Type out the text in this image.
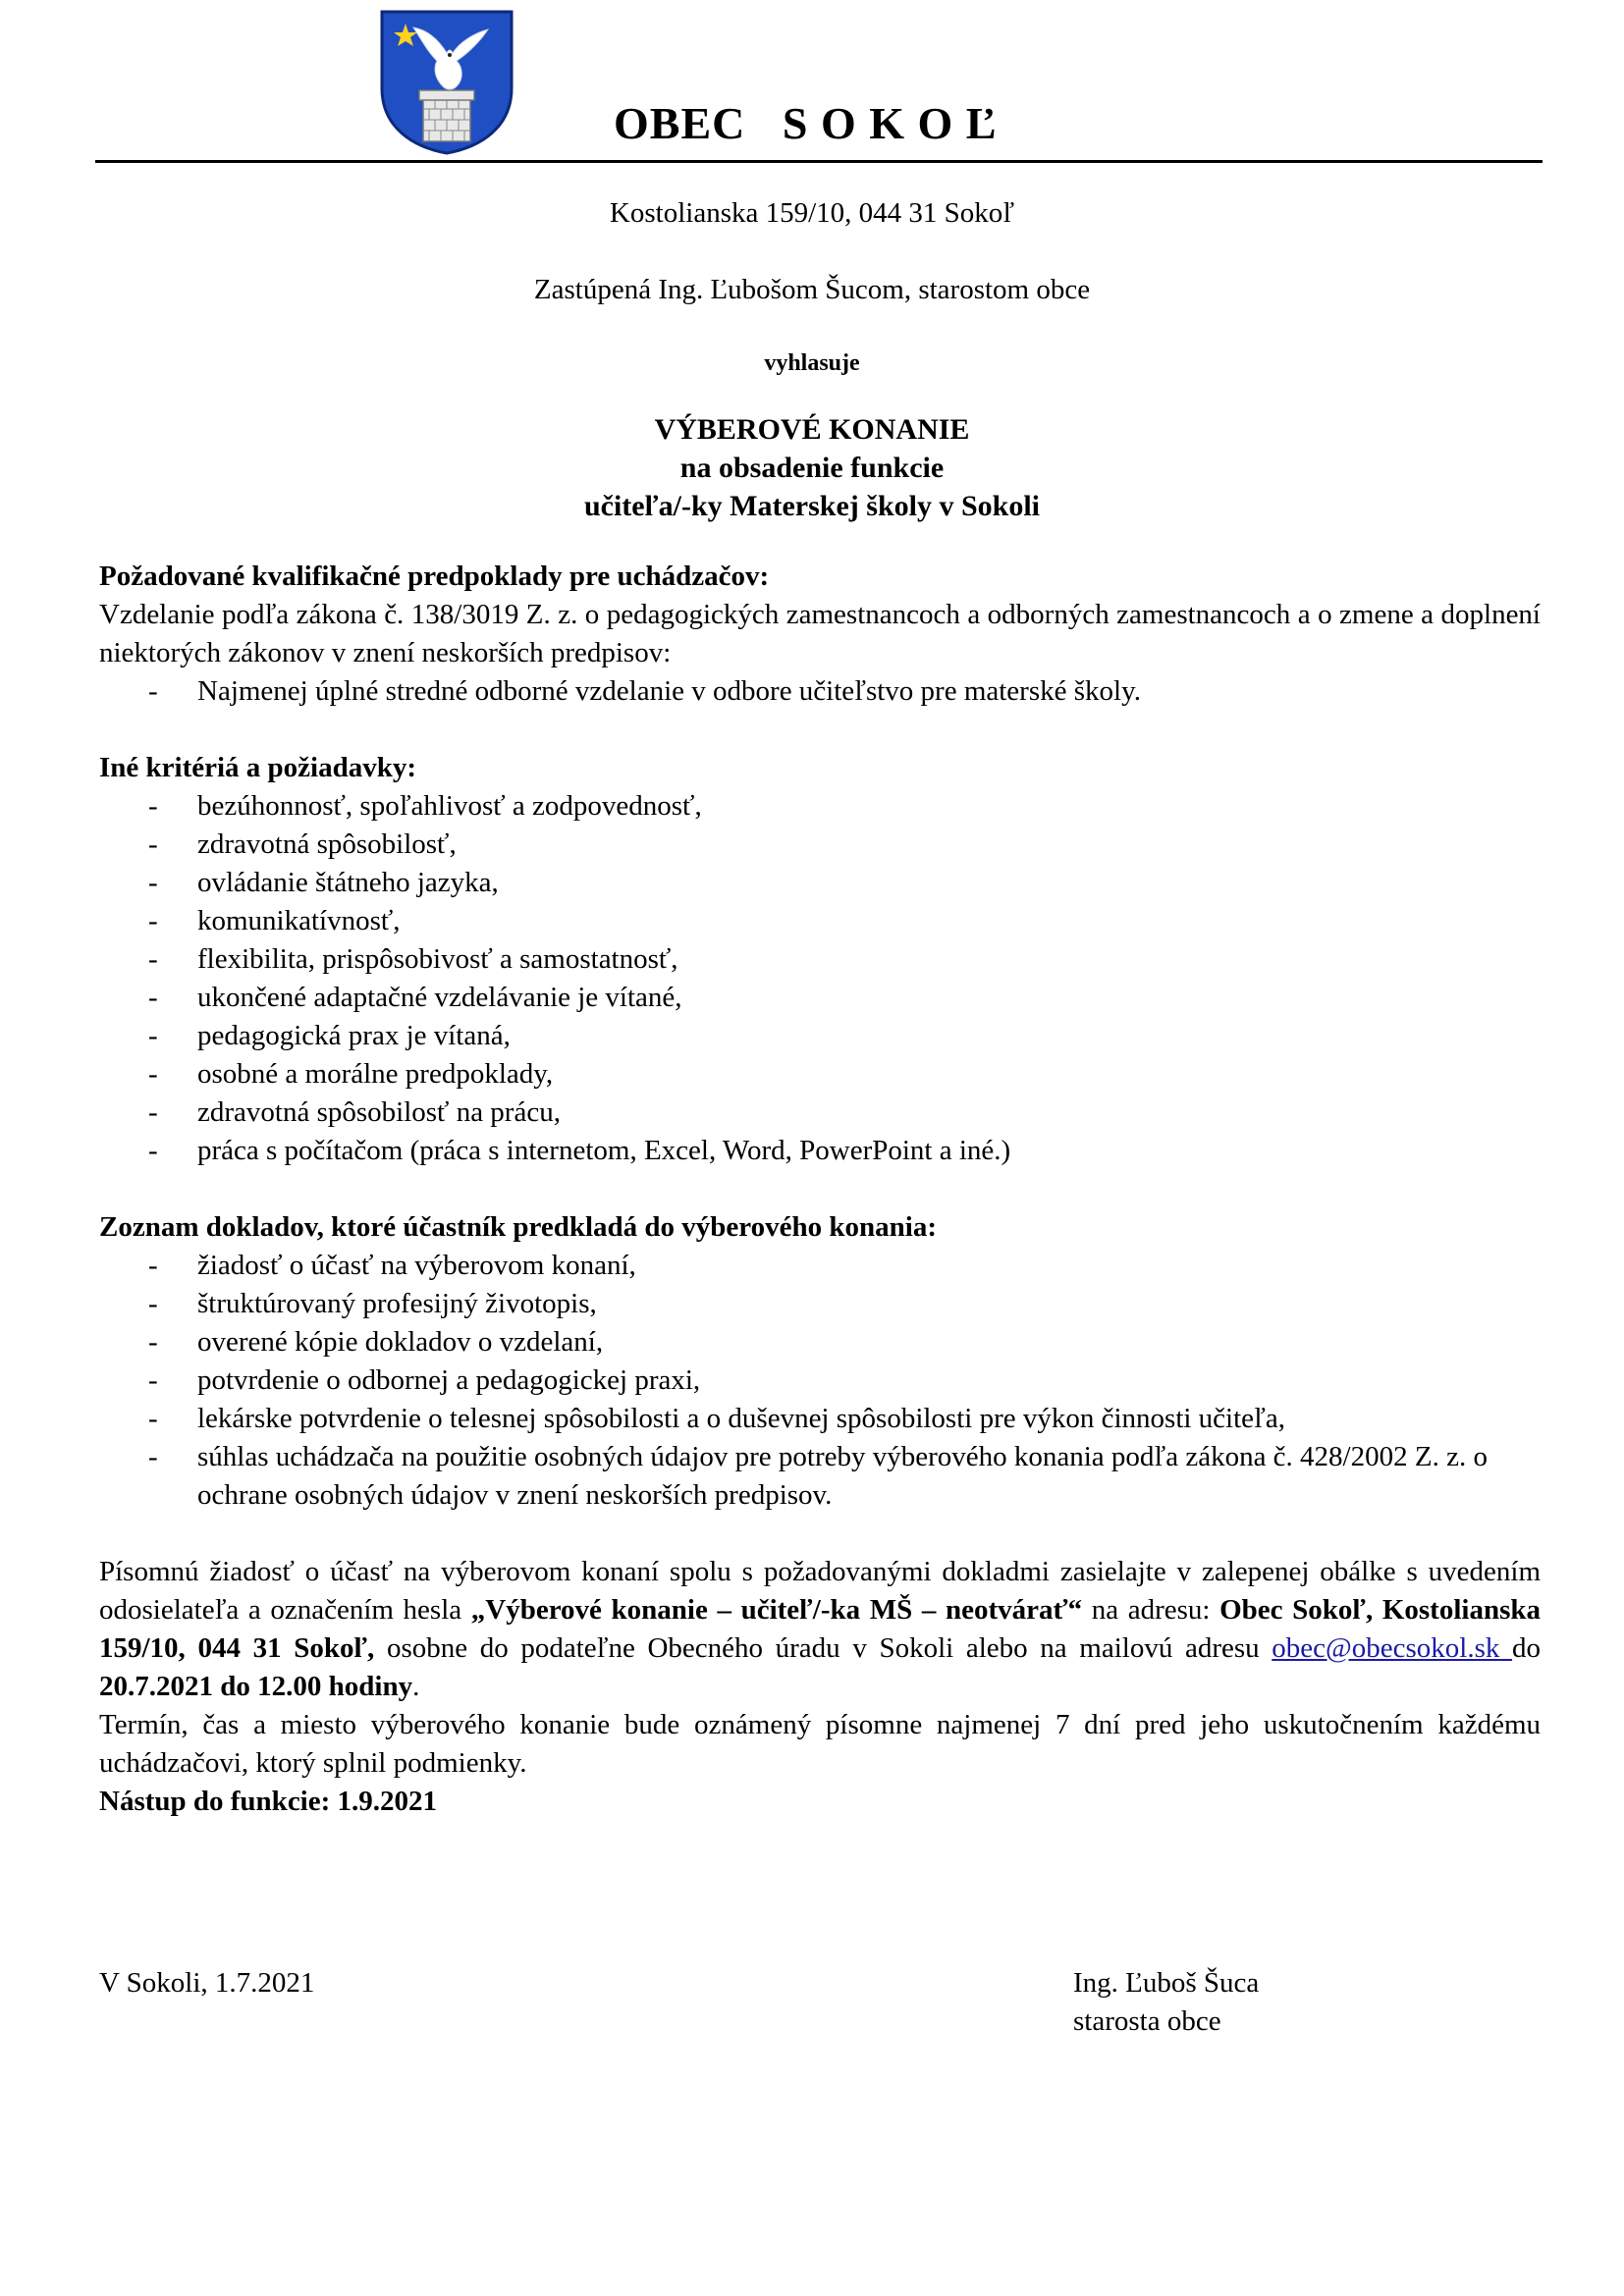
OBEC   S O K O Ľ

Kostolianska 159/10, 044 31 Sokoľ

Zastúpená Ing. Ľubošom Šucom, starostom obce

vyhlasuje

VÝBEROVÉ KONANIE
na obsadenie funkcie
učiteľa/-ky Materskej školy v Sokoli

Požadované kvalifikačné predpoklady pre uchádzačov:

Vzdelanie podľa zákona č. 138/3019 Z. z. o pedagogických zamestnancoch a odborných zamestnancoch a o zmene a doplnení niektorých zákonov v znení neskorších predpisov:

- Najmenej úplné stredné odborné vzdelanie v odbore učiteľstvo pre materské školy.

Iné kritériá a požiadavky:

- bezúhonnosť, spoľahlivosť a zodpovednosť,
- zdravotná spôsobilosť,
- ovládanie štátneho jazyka,
- komunikatívnosť,
- flexibilita, prispôsobivosť a samostatnosť,
- ukončené adaptačné vzdelávanie je vítané,
- pedagogická prax je vítaná,
- osobné a morálne predpoklady,
- zdravotná spôsobilosť na prácu,
- práca s počítačom (práca s internetom, Excel, Word, PowerPoint a iné.)

Zoznam dokladov, ktoré účastník predkladá do výberového konania:

- žiadosť o účasť na výberovom konaní,
- štruktúrovaný profesijný životopis,
- overené kópie dokladov o vzdelaní,
- potvrdenie o odbornej a pedagogickej praxi,
- lekárske potvrdenie o telesnej spôsobilosti a o duševnej spôsobilosti pre výkon činnosti učiteľa,
- súhlas uchádzača na použitie osobných údajov pre potreby výberového konania podľa zákona č. 428/2002 Z. z. o ochrane osobných údajov v znení neskorších predpisov.

Písomnú žiadosť o účasť na výberovom konaní spolu s požadovanými dokladmi zasielajte v zalepenej obálke s uvedením odosielateľa a označením hesla „Výberové konanie – učiteľ/-ka MŠ – neotvárať“ na adresu: Obec Sokoľ, Kostolianska 159/10, 044 31 Sokoľ, osobne do podateľne Obecného úradu v Sokoli alebo na mailovú adresu obec@obecsokol.sk do 20.7.2021 do 12.00 hodiny.

Termín, čas a miesto výberového konanie bude oznámený písomne najmenej 7 dní pred jeho uskutočnením každému uchádzačovi, ktorý splnil podmienky.

Nástup do funkcie: 1.9.2021

V Sokoli, 1.7.2021	Ing. Ľuboš Šuca
starosta obce
